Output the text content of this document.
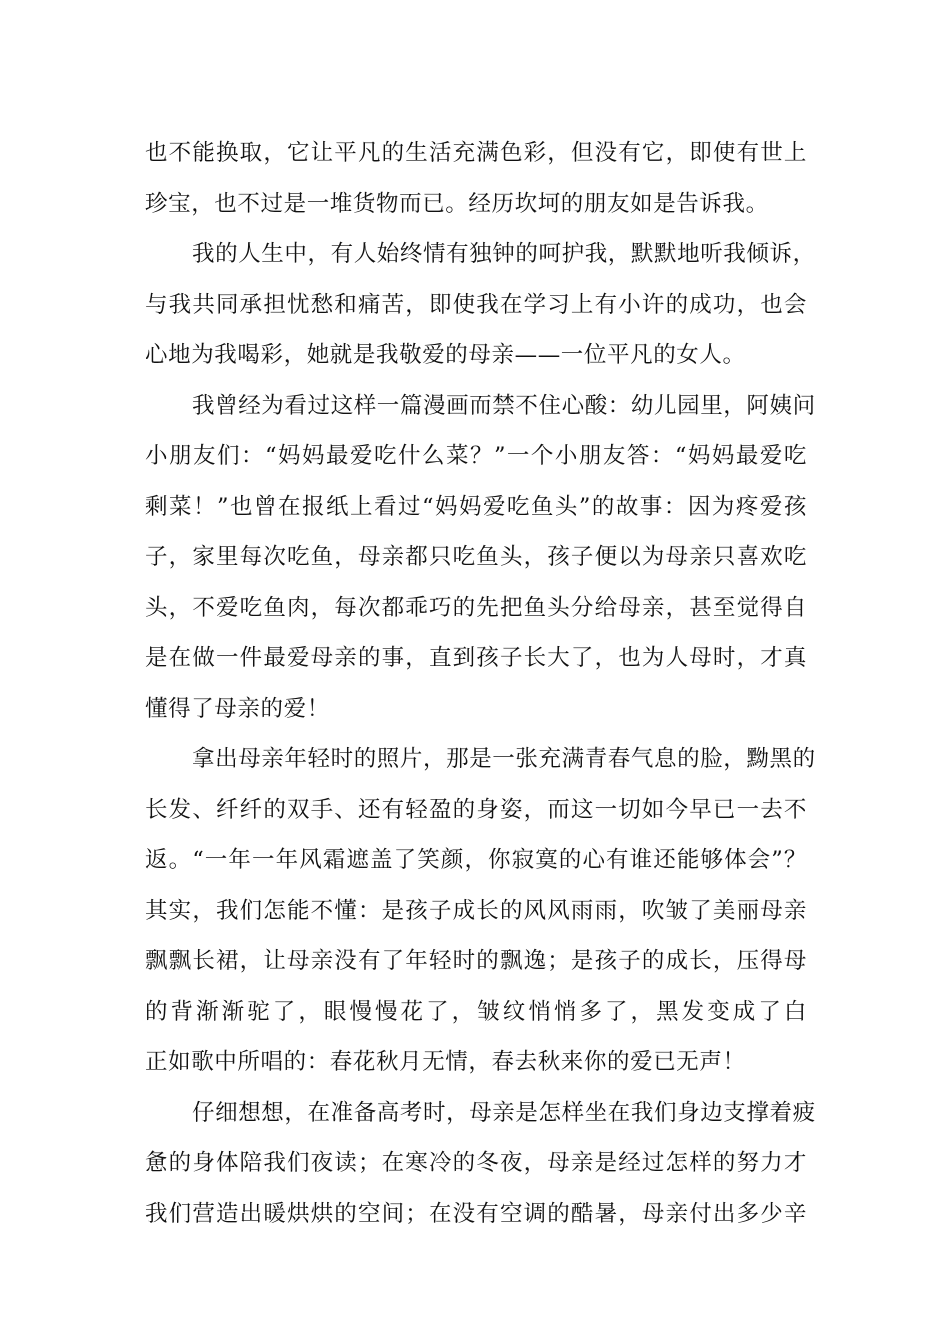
也不能换取，它让平凡的生活充满色彩，但没有它，即使有世上
珍宝，也不过是一堆货物而已。经历坎坷的朋友如是告诉我。
我的人生中，有人始终情有独钟的呵护我，默默地听我倾诉，
与我共同承担忧愁和痛苦，即使我在学习上有小许的成功，也会
心地为我喝彩，她就是我敬爱的母亲——一位平凡的女人。
我曾经为看过这样一篇漫画而禁不住心酸：幼儿园里，阿姨问
小朋友们：“妈妈最爱吃什么菜？”一个小朋友答：“妈妈最爱吃
剩菜！”也曾在报纸上看过“妈妈爱吃鱼头”的故事：因为疼爱孩
子，家里每次吃鱼，母亲都只吃鱼头，孩子便以为母亲只喜欢吃
头，不爱吃鱼肉，每次都乖巧的先把鱼头分给母亲，甚至觉得自
是在做一件最爱母亲的事，直到孩子长大了，也为人母时，才真
懂得了母亲的爱！
拿出母亲年轻时的照片，那是一张充满青春气息的脸，黝黑的
长发、纤纤的双手、还有轻盈的身姿，而这一切如今早已一去不
返。“一年一年风霜遮盖了笑颜，你寂寞的心有谁还能够体会”？
其实，我们怎能不懂：是孩子成长的风风雨雨，吹皱了美丽母亲
飘飘长裙，让母亲没有了年轻时的飘逸；是孩子的成长，压得母
的背渐渐驼了，眼慢慢花了，皱纹悄悄多了，黑发变成了白
正如歌中所唱的：春花秋月无情，春去秋来你的爱已无声！
仔细想想，在准备高考时，母亲是怎样坐在我们身边支撑着疲
惫的身体陪我们夜读；在寒冷的冬夜，母亲是经过怎样的努力才
我们营造出暖烘烘的空间；在没有空调的酷暑，母亲付出多少辛
